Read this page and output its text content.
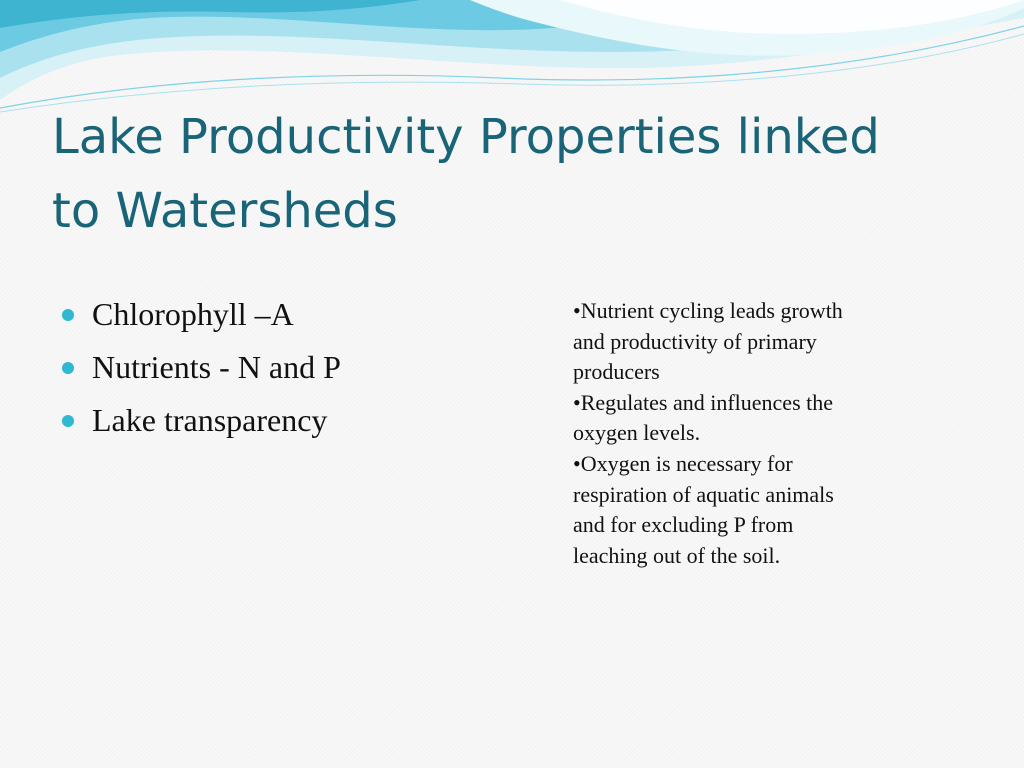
Lake Productivity Properties linked
to Watersheds
Chlorophyll –A
Nutrients - N and P
Lake transparency
•Nutrient cycling leads growth
and productivity of primary
producers
•Regulates and influences the
oxygen levels.
•Oxygen is necessary for
respiration of aquatic animals
and for excluding P from
leaching out of the soil.
